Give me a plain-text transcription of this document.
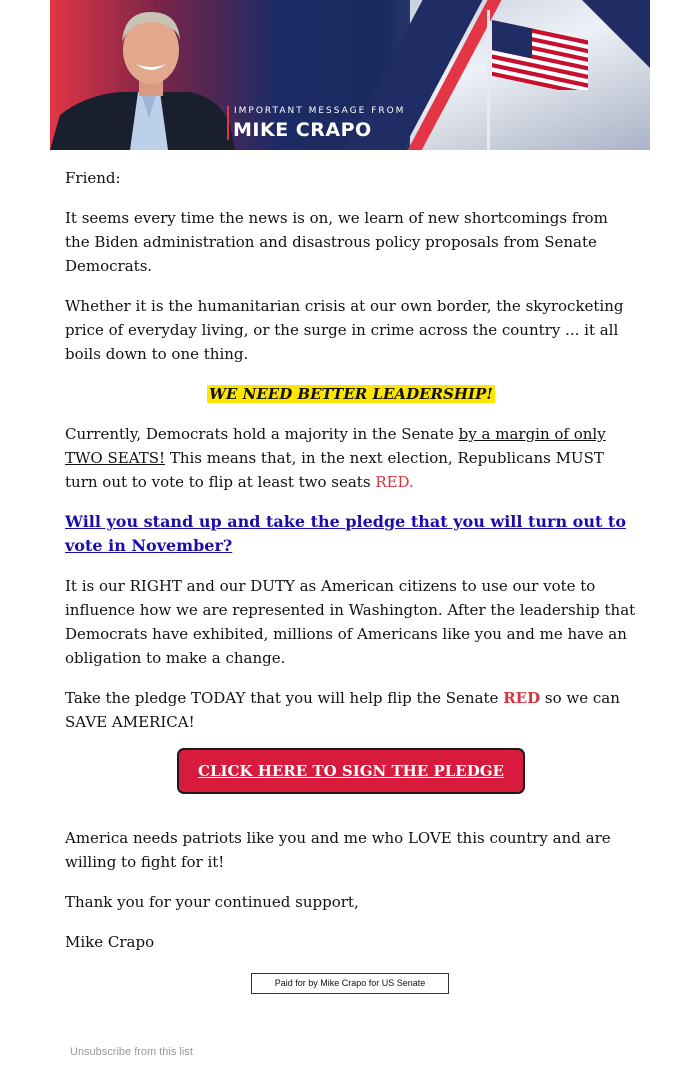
IMPORTANT MESSAGE FROM
MIKE CRAPO

Friend:

It seems every time the news is on, we learn of new shortcomings from the Biden administration and disastrous policy proposals from Senate Democrats.

Whether it is the humanitarian crisis at our own border, the skyrocketing price of everyday living, or the surge in crime across the country ... it all boils down to one thing.

WE NEED BETTER LEADERSHIP!

Currently, Democrats hold a majority in the Senate by a margin of only TWO SEATS! This means that, in the next election, Republicans MUST turn out to vote to flip at least two seats RED.

Will you stand up and take the pledge that you will turn out to vote in November?

It is our RIGHT and our DUTY as American citizens to use our vote to influence how we are represented in Washington. After the leadership that Democrats have exhibited, millions of Americans like you and me have an obligation to make a change.

Take the pledge TODAY that you will help flip the Senate RED so we can SAVE AMERICA!

CLICK HERE TO SIGN THE PLEDGE

America needs patriots like you and me who LOVE this country and are willing to fight for it!

Thank you for your continued support,

Mike Crapo

Paid for by Mike Crapo for US Senate
Unsubscribe from this list
